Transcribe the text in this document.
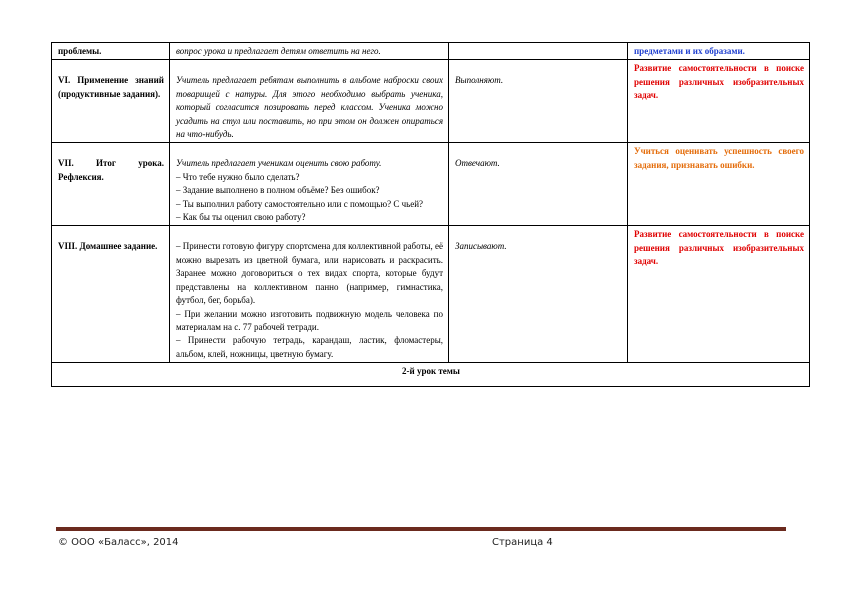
проблемы.	вопрос урока и предлагает детям ответить на него.		предметами и их образами.
VI. Применение знаний (продуктивные задания).	Учитель предлагает ребятам выполнить в альбоме наброски своих товарищей с натуры. Для этого необходимо выбрать ученика, который согласится позировать перед классом. Ученика можно усадить на стул или поставить, но при этом он должен опираться на что-нибудь.	Выполняют.	Развитие самостоятельности в поиске решения различных изобразительных задач.
VII. Итог урока. Рефлексия.	Учитель предлагает ученикам оценить свою работу.
– Что тебе нужно было сделать?
– Задание выполнено в полном объёме? Без ошибок?
– Ты выполнил работу самостоятельно или с помощью? С чьей?
– Как бы ты оценил свою работу?	Отвечают.	Учиться оценивать успешность своего задания, признавать ошибки.
VIII. Домашнее задание.	– Принести готовую фигуру спортсмена для коллективной работы, её можно вырезать из цветной бумага, или нарисовать и раскрасить. Заранее можно договориться о тех видах спорта, которые будут представлены на коллективном панно (например, гимнастика, футбол, бег, борьба).
– При желании можно изготовить подвижную модель человека по материалам на с. 77 рабочей тетради.
– Принести рабочую тетрадь, карандаш, ластик, фломастеры, альбом, клей, ножницы, цветную бумагу.	Записывают.	Развитие самостоятельности в поиске решения различных изобразительных задач.
2-й урок темы			
© ООО «Баласс», 2014	Страница 4
